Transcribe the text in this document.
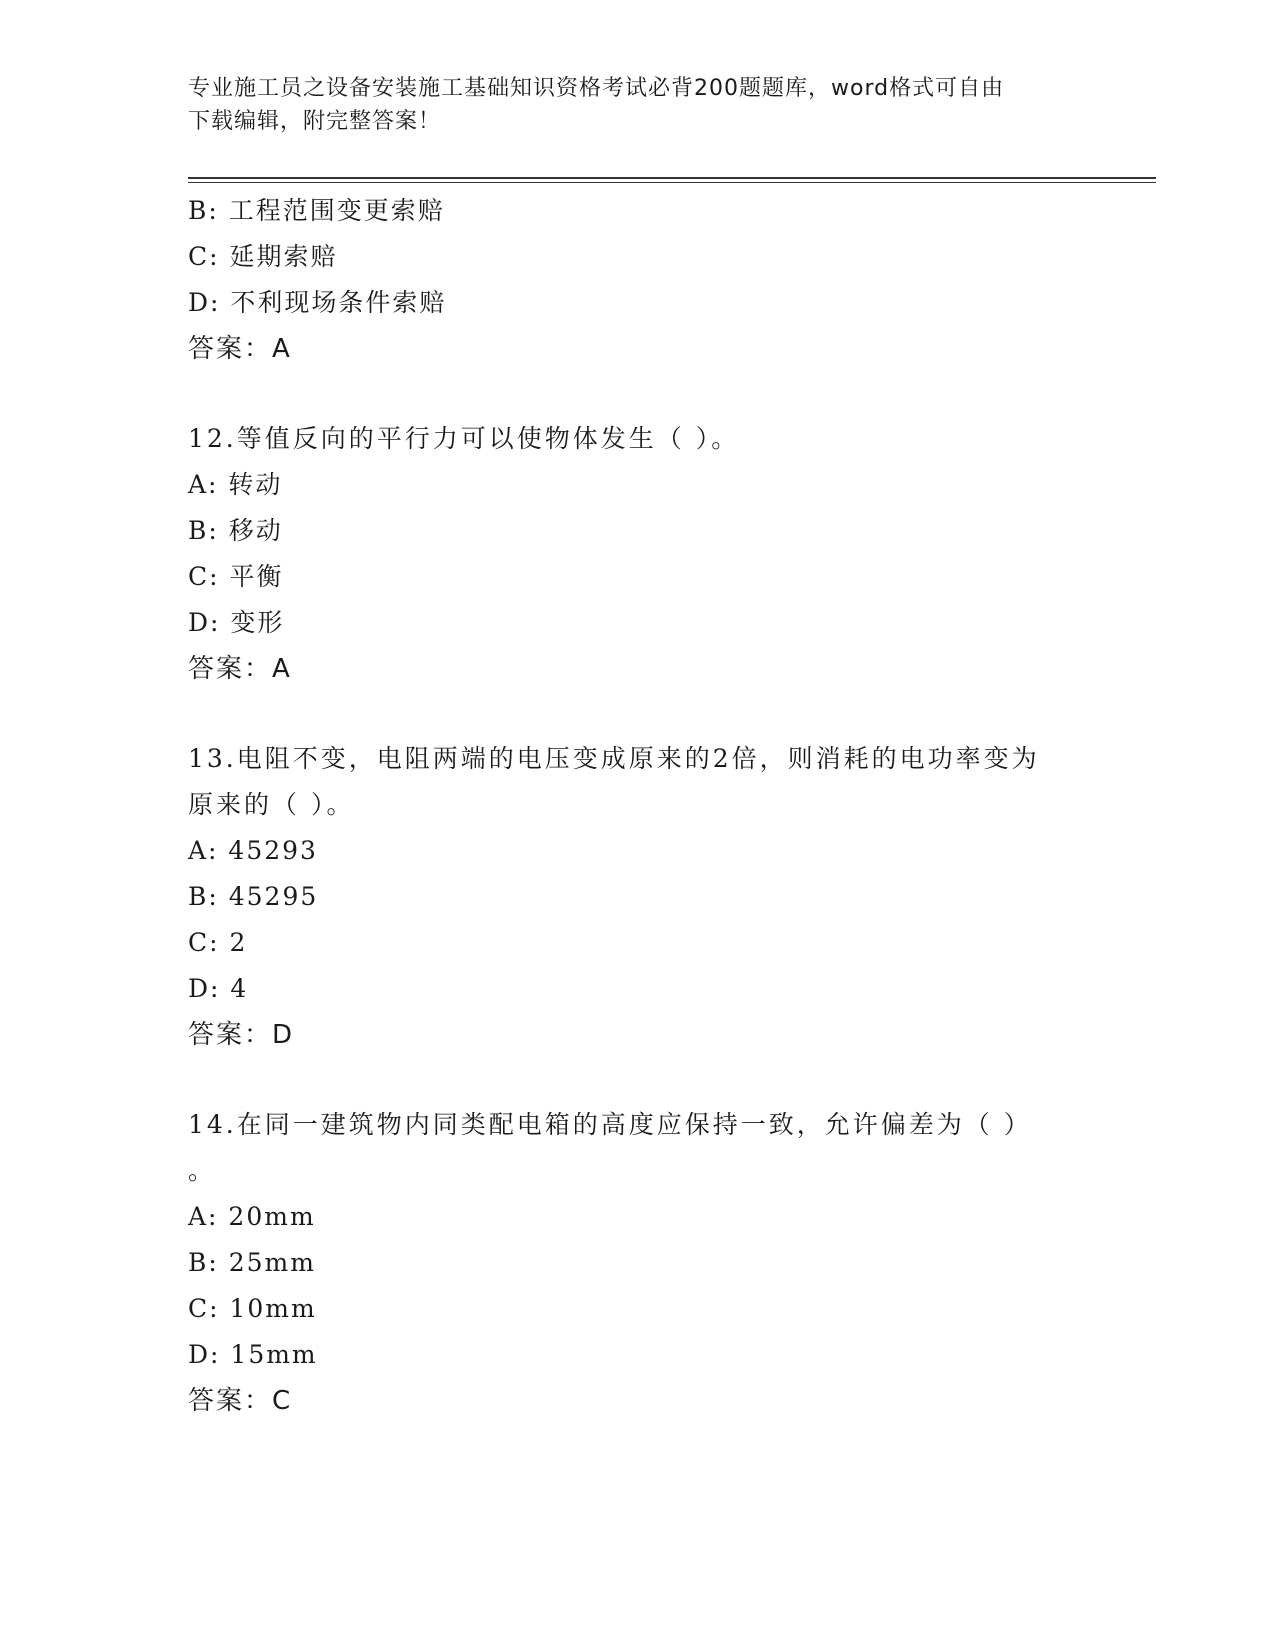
专业施工员之设备安装施工基础知识资格考试必背200题题库，word格式可自由
下载编辑，附完整答案！
B: 工程范围变更索赔
C: 延期索赔
D: 不利现场条件索赔
答案：A
12.等值反向的平行力可以使物体发生（ ）。
A: 转动
B: 移动
C: 平衡
D: 变形
答案：A
13.电阻不变，电阻两端的电压变成原来的2倍，则消耗的电功率变为
原来的（ ）。
A: 45293
B: 45295
C: 2
D: 4
答案：D
14.在同一建筑物内同类配电箱的高度应保持一致，允许偏差为（ ）
。
A: 20mm
B: 25mm
C: 10mm
D: 15mm
答案：C
